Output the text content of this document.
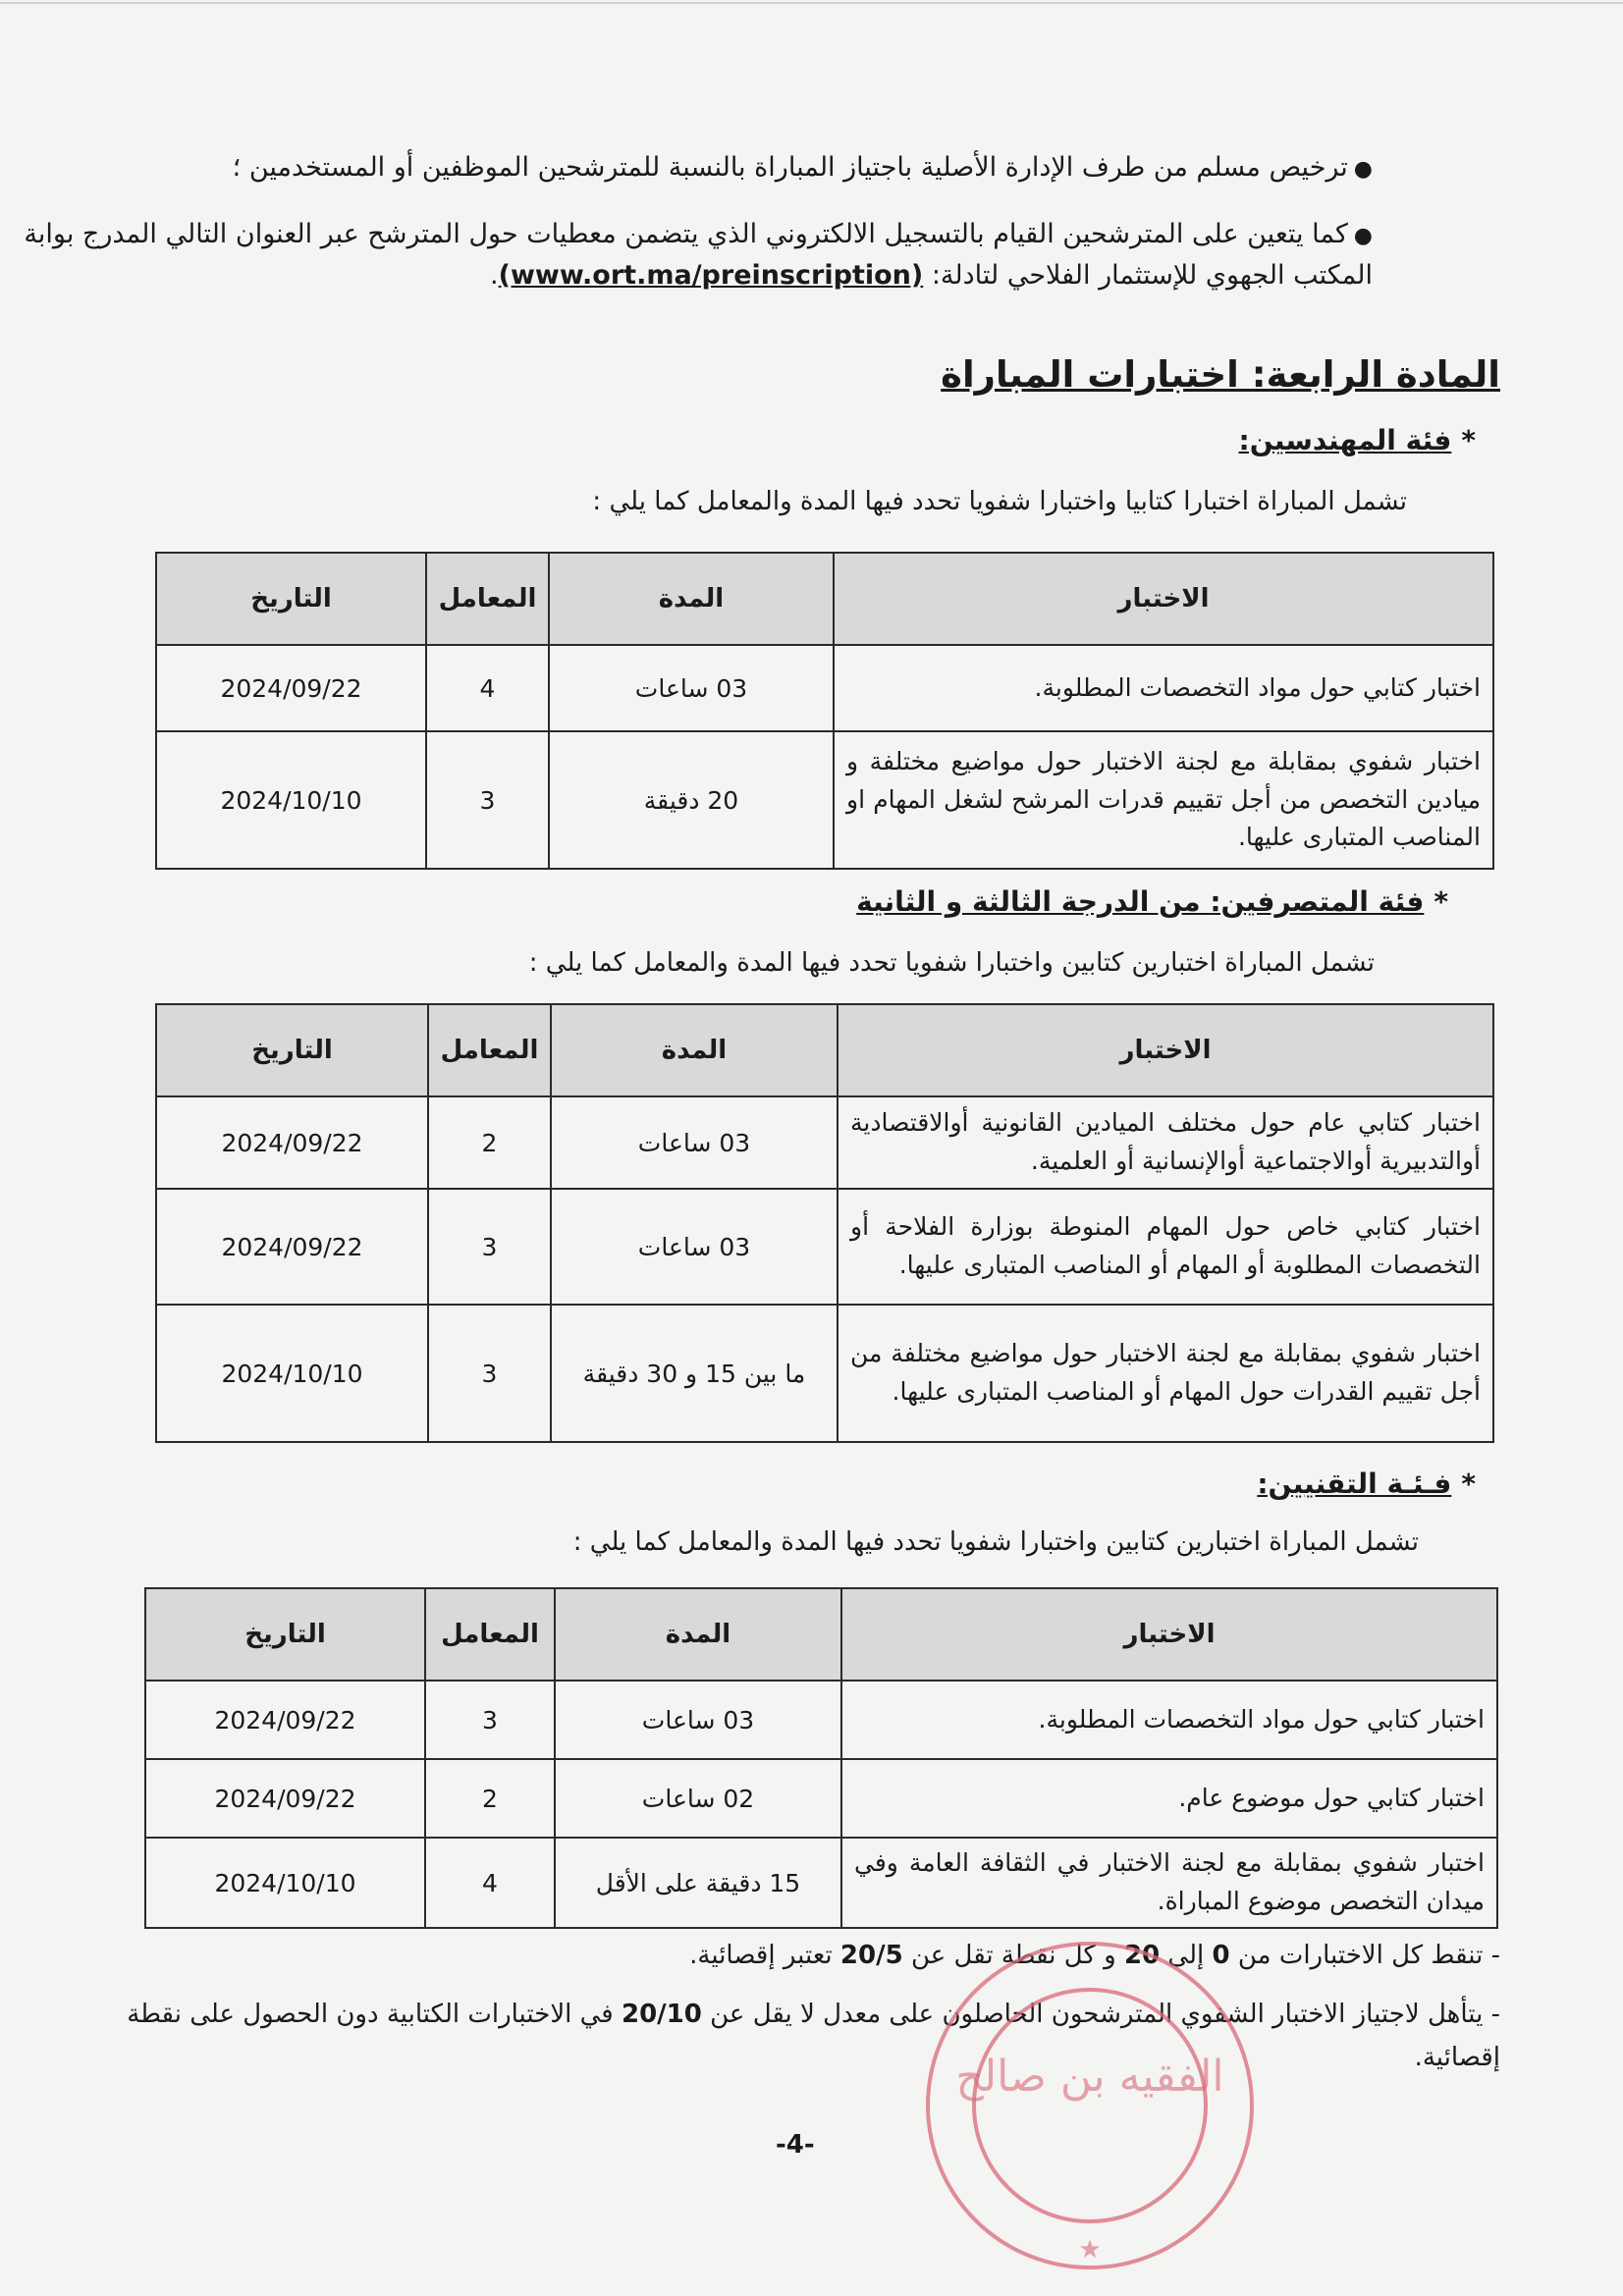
●ترخيص مسلم من طرف الإدارة الأصلية باجتياز المباراة بالنسبة للمترشحين الموظفين أو المستخدمين ؛
●كما يتعين على المترشحين القيام بالتسجيل الالكتروني الذي يتضمن معطيات حول المترشح عبر العنوان التالي المدرج بوابة المكتب الجهوي للإستثمار الفلاحي لتادلة: (www.ort.ma/preinscription).
المادة الرابعة: اختبارات المباراة
*فئة المهندسين:
تشمل المباراة اختبارا كتابيا واختبارا شفويا تحدد فيها المدة والمعامل كما يلي :
الاختبار	المدة	المعامل	التاريخ
اختبار كتابي حول مواد التخصصات المطلوبة.	03 ساعات	4	2024/09/22
اختبار شفوي بمقابلة مع لجنة الاختبار حول مواضيع مختلفة و ميادين التخصص من أجل تقييم قدرات المرشح لشغل المهام او المناصب المتبارى عليها.	20 دقيقة	3	2024/10/10
*فئة المتصرفين: من الدرجة الثالثة و الثانية
تشمل المباراة اختبارين كتابين واختبارا شفويا تحدد فيها المدة والمعامل كما يلي :
الاختبار	المدة	المعامل	التاريخ
اختبار كتابي عام حول مختلف الميادين القانونية أوالاقتصادية أوالتدبيرية أوالاجتماعية أوالإنسانية أو العلمية.	03 ساعات	2	2024/09/22
اختبار كتابي خاص حول المهام المنوطة بوزارة الفلاحة أو التخصصات المطلوبة أو المهام أو المناصب المتبارى عليها.	03 ساعات	3	2024/09/22
اختبار شفوي بمقابلة مع لجنة الاختبار حول مواضيع مختلفة من أجل تقييم القدرات حول المهام أو المناصب المتبارى عليها.	ما بين 15 و 30 دقيقة	3	2024/10/10
*فـئـة التقنيين:
تشمل المباراة اختبارين كتابين واختبارا شفويا تحدد فيها المدة والمعامل كما يلي :
الاختبار	المدة	المعامل	التاريخ
اختبار كتابي حول مواد التخصصات المطلوبة.	03 ساعات	3	2024/09/22
اختبار كتابي حول موضوع عام.	02 ساعات	2	2024/09/22
اختبار شفوي بمقابلة مع لجنة الاختبار في الثقافة العامة وفي ميدان التخصص موضوع المباراة.	15 دقيقة على الأقل	4	2024/10/10
- تنقط كل الاختبارات من 0 إلى 20 و كل نقطة تقل عن 20/5 تعتبر إقصائية.
- يتأهل لاجتياز الاختبار الشفوي المترشحون الحاصلون على معدل لا يقل عن 20/10 في الاختبارات الكتابية دون الحصول على نقطة إقصائية.
-4-
الفقيه بن صالح
★
